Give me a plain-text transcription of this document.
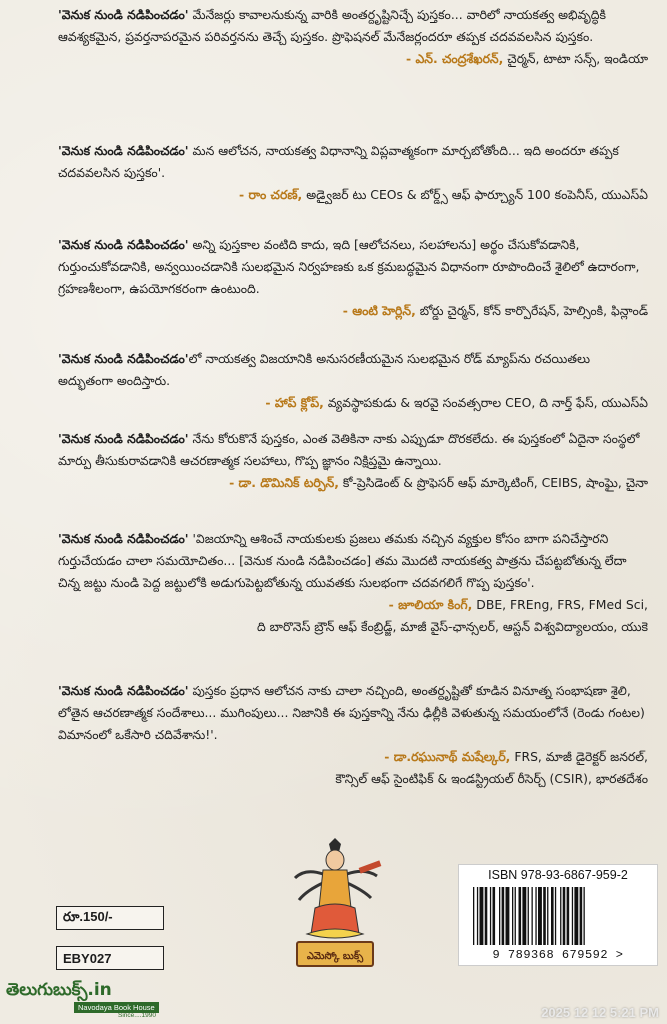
'వెనుక నుండి నడిపించడం' మేనేజర్లు కావాలనుకున్న వారికి అంతర్దృష్టినిచ్చే పుస్తకం... వారిలో నాయకత్వ అభివృద్ధికి ఆవశ్యకమైన, ప్రవర్తనాపరమైన పరివర్తనను తెచ్చే పుస్తకం. ప్రొఫెషనల్ మేనేజర్లందరూ తప్పక చదవవలసిన పుస్తకం.

- ఎన్. చంద్రశేఖరన్, చైర్మన్, టాటా సన్స్, ఇండియా

'వెనుక నుండి నడిపించడం' మన ఆలోచన, నాయకత్వ విధానాన్ని విప్లవాత్మకంగా మార్చబోతోంది... ఇది అందరూ తప్పక చదవవలసిన పుస్తకం'.

- రాం చరణ్, అడ్వైజర్ టు CEOs & బోర్డ్స్ ఆఫ్ ఫార్చ్యూన్ 100 కంపెనీస్, యుఎస్ఏ

'వెనుక నుండి నడిపించడం' అన్ని పుస్తకాల వంటిది కాదు, ఇది [ఆలోచనలు, సలహాలను] అర్థం చేసుకోవడానికి, గుర్తుంచుకోవడానికి, అన్వయించడానికి సులభమైన నిర్వహణకు ఒక క్రమబద్ధమైన విధానంగా రూపొందించే శైలిలో ఉదారంగా, గ్రహణశీలంగా, ఉపయోగకరంగా ఉంటుంది.

- ఆంటి హెర్లిన్, బోర్డు చైర్మన్, కోన్ కార్పొరేషన్, హెల్సింకి, ఫిన్లాండ్

'వెనుక నుండి నడిపించడం'లో నాయకత్వ విజయానికి అనుసరణీయమైన సులభమైన రోడ్ మ్యాప్‌ను రచయితలు అద్భుతంగా అందిస్తారు.

- హాప్ క్లోప్, వ్యవస్థాపకుడు & ఇరవై సంవత్సరాల CEO, ది నార్త్ ఫేస్, యుఎస్ఏ

'వెనుక నుండి నడిపించడం' నేను కోరుకొనే పుస్తకం, ఎంత వెతికినా నాకు ఎప్పుడూ దొరకలేదు. ఈ పుస్తకంలో ఏదైనా సంస్థలో మార్పు తీసుకురావడానికి ఆచరణాత్మక సలహాలు, గొప్ప జ్ఞానం నిక్షిప్తమై ఉన్నాయి.

- డా. డొమినిక్ టర్పిన్, కో-ప్రెసిడెంట్ & ప్రొఫెసర్ ఆఫ్ మార్కెటింగ్, CEIBS, షాంఘై, చైనా

'వెనుక నుండి నడిపించడం' 'విజయాన్ని ఆశించే నాయకులకు ప్రజలు తమకు నచ్చిన వ్యక్తుల కోసం బాగా పనిచేస్తారని గుర్తుచేయడం చాలా సమయోచితం... [వెనుక నుండి నడిపించడం] తమ మొదటి నాయకత్వ పాత్రను చేపట్టబోతున్న లేదా చిన్న జట్టు నుండి పెద్ద జట్టులోకి అడుగుపెట్టబోతున్న యువతకు సులభంగా చదవగలిగే గొప్ప పుస్తకం'.

- జూలియా కింగ్, DBE, FREng, FRS, FMed Sci,

ది బారొనెస్ బ్రౌన్ ఆఫ్ కేంబ్రిడ్జ్, మాజీ వైస్-ఛాన్సలర్, ఆస్టన్ విశ్వవిద్యాలయం, యుకె

'వెనుక నుండి నడిపించడం' పుస్తకం ప్రధాన ఆలోచన నాకు చాలా నచ్చింది, అంతర్దృష్టితో కూడిన వినూత్న సంభాషణా శైలి, లోతైన ఆచరణాత్మక సందేశాలు... ముగింపులు... నిజానికి ఈ పుస్తకాన్ని నేను ఢిల్లీకి వెళుతున్న సమయంలోనే (రెండు గంటల) విమానంలో ఒకేసారి చదివేశాను!'.

- డా.రఘునాథ్ మషేల్కర్, FRS, మాజీ డైరెక్టర్ జనరల్,

కౌన్సిల్ ఆఫ్ సైంటిఫిక్ & ఇండస్ట్రియల్ రీసెర్చ్ (CSIR), భారతదేశం

ఎమెస్కో బుక్స్
రూ.150/-
EBY027
ISBN 978-93-6867-959-2
9 789368 679592 >
తెలుగుబుక్స్.in
Navodaya Book House
Since....1990	2025 12 12 5:21 PM
